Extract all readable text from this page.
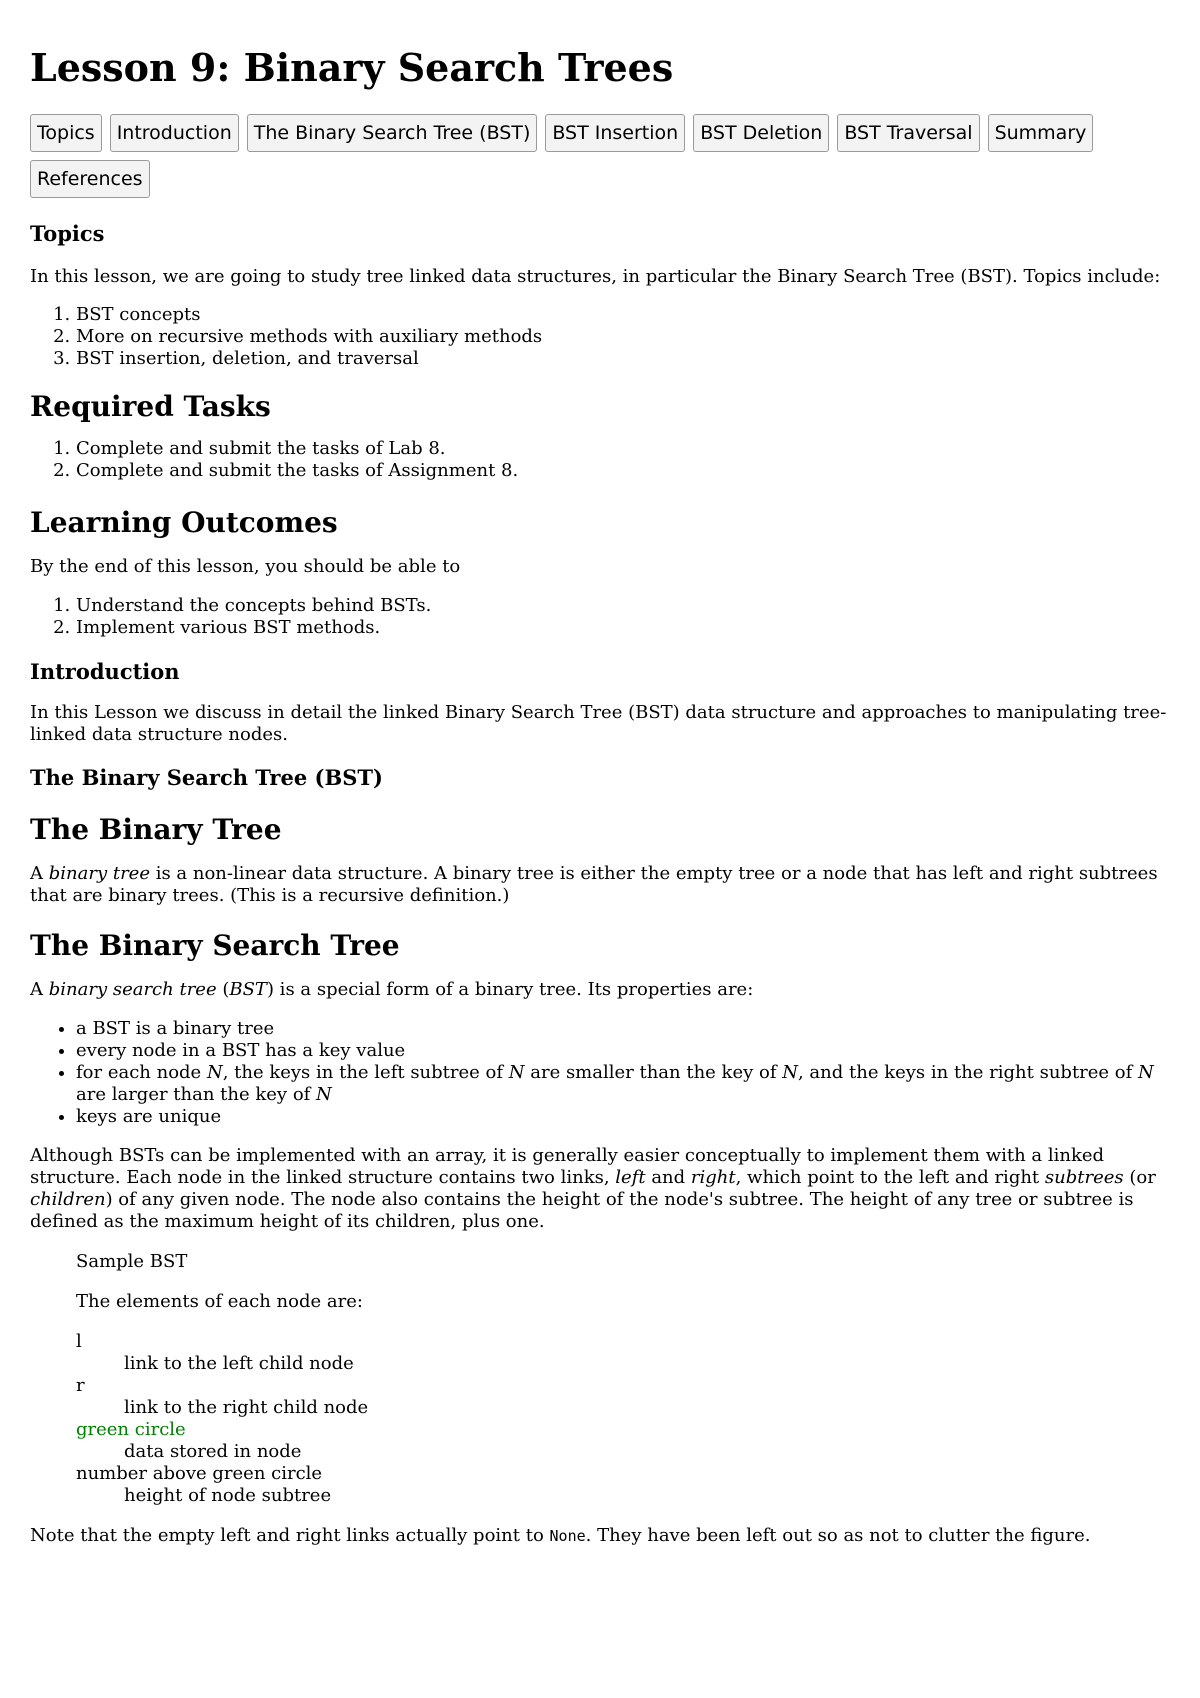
Lesson 9: Binary Search Trees
Topics	Introduction	The Binary Search Tree (BST)	BST Insertion	BST Deletion	BST Traversal	Summary
References
Topics

In this lesson, we are going to study tree linked data structures, in particular the Binary Search Tree (BST). Topics include:

1. BST concepts
2. More on recursive methods with auxiliary methods
3. BST insertion, deletion, and traversal
Required Tasks
1. Complete and submit the tasks of Lab 8.
2. Complete and submit the tasks of Assignment 8.
Learning Outcomes

By the end of this lesson, you should be able to

1. Understand the concepts behind BSTs.
2. Implement various BST methods.
Introduction

In this Lesson we discuss in detail the linked Binary Search Tree (BST) data structure and approaches to manipulating tree-linked data structure nodes.

The Binary Search Tree (BST)
The Binary Tree

A binary tree is a non-linear data structure. A binary tree is either the empty tree or a node that has left and right subtrees that are binary trees. (This is a recursive definition.)

The Binary Search Tree

A binary search tree (BST) is a special form of a binary tree. Its properties are:

• a BST is a binary tree
• every node in a BST has a key value
• for each node N, the keys in the left subtree of N are smaller than the key of N, and the keys in the right subtree of N are larger than the key of N
• keys are unique

Although BSTs can be implemented with an array, it is generally easier conceptually to implement them with a linked structure. Each node in the linked structure contains two links, left and right, which point to the left and right subtrees (or children) of any given node. The node also contains the height of the node's subtree. The height of any tree or subtree is defined as the maximum height of its children, plus one.

Sample BST

The elements of each node are:

l
link to the left child node
r
link to the right child node
green circle
data stored in node
number above green circle
height of node subtree

Note that the empty left and right links actually point to None. They have been left out so as not to clutter the figure.
